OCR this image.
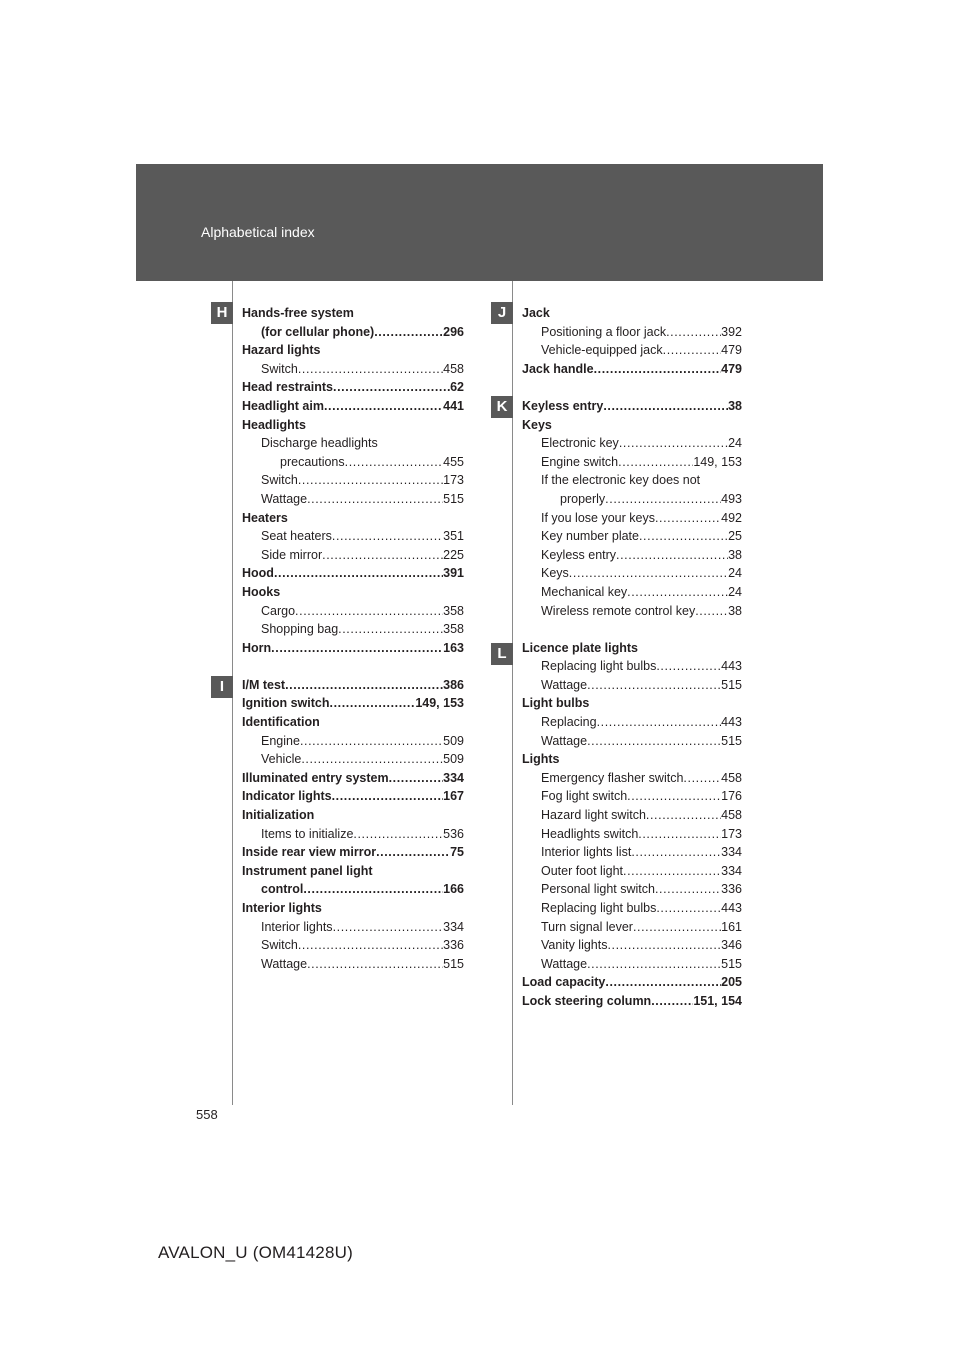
Alphabetical index
H
I
J
K
L
Hands-free system
(for cellular phone) .....	296
Hazard lights
Switch .....	458
Head restraints .....	62
Headlight aim .....	441
Headlights
Discharge headlights
precautions .....	455
Switch .....	173
Wattage .....	515
Heaters
Seat heaters .....	351
Side mirror .....	225
Hood .....	391
Hooks
Cargo .....	358
Shopping bag .....	358
Horn .....	163
I/M test .....	386
Ignition switch .....	149, 153
Identification
Engine .....	509
Vehicle .....	509
Illuminated entry system .....	334
Indicator lights .....	167
Initialization
Items to initialize .....	536
Inside rear view mirror .....	75
Instrument panel light
control .....	166
Interior lights
Interior lights .....	334
Switch .....	336
Wattage .....	515
Jack
Positioning a floor jack .....	392
Vehicle-equipped jack .....	479
Jack handle .....	479
Keyless entry .....	38
Keys
Electronic key .....	24
Engine switch .....	149, 153
If the electronic key does not
properly .....	493
If you lose your keys .....	492
Key number plate .....	25
Keyless entry .....	38
Keys .....	24
Mechanical key .....	24
Wireless remote control key .....	38
Licence plate lights
Replacing light bulbs .....	443
Wattage .....	515
Light bulbs
Replacing .....	443
Wattage .....	515
Lights
Emergency flasher switch .....	458
Fog light switch .....	176
Hazard light switch .....	458
Headlights switch .....	173
Interior lights list .....	334
Outer foot light .....	334
Personal light switch .....	336
Replacing light bulbs .....	443
Turn signal lever .....	161
Vanity lights .....	346
Wattage .....	515
Load capacity .....	205
Lock steering column .....	151, 154
558
AVALON_U (OM41428U)
